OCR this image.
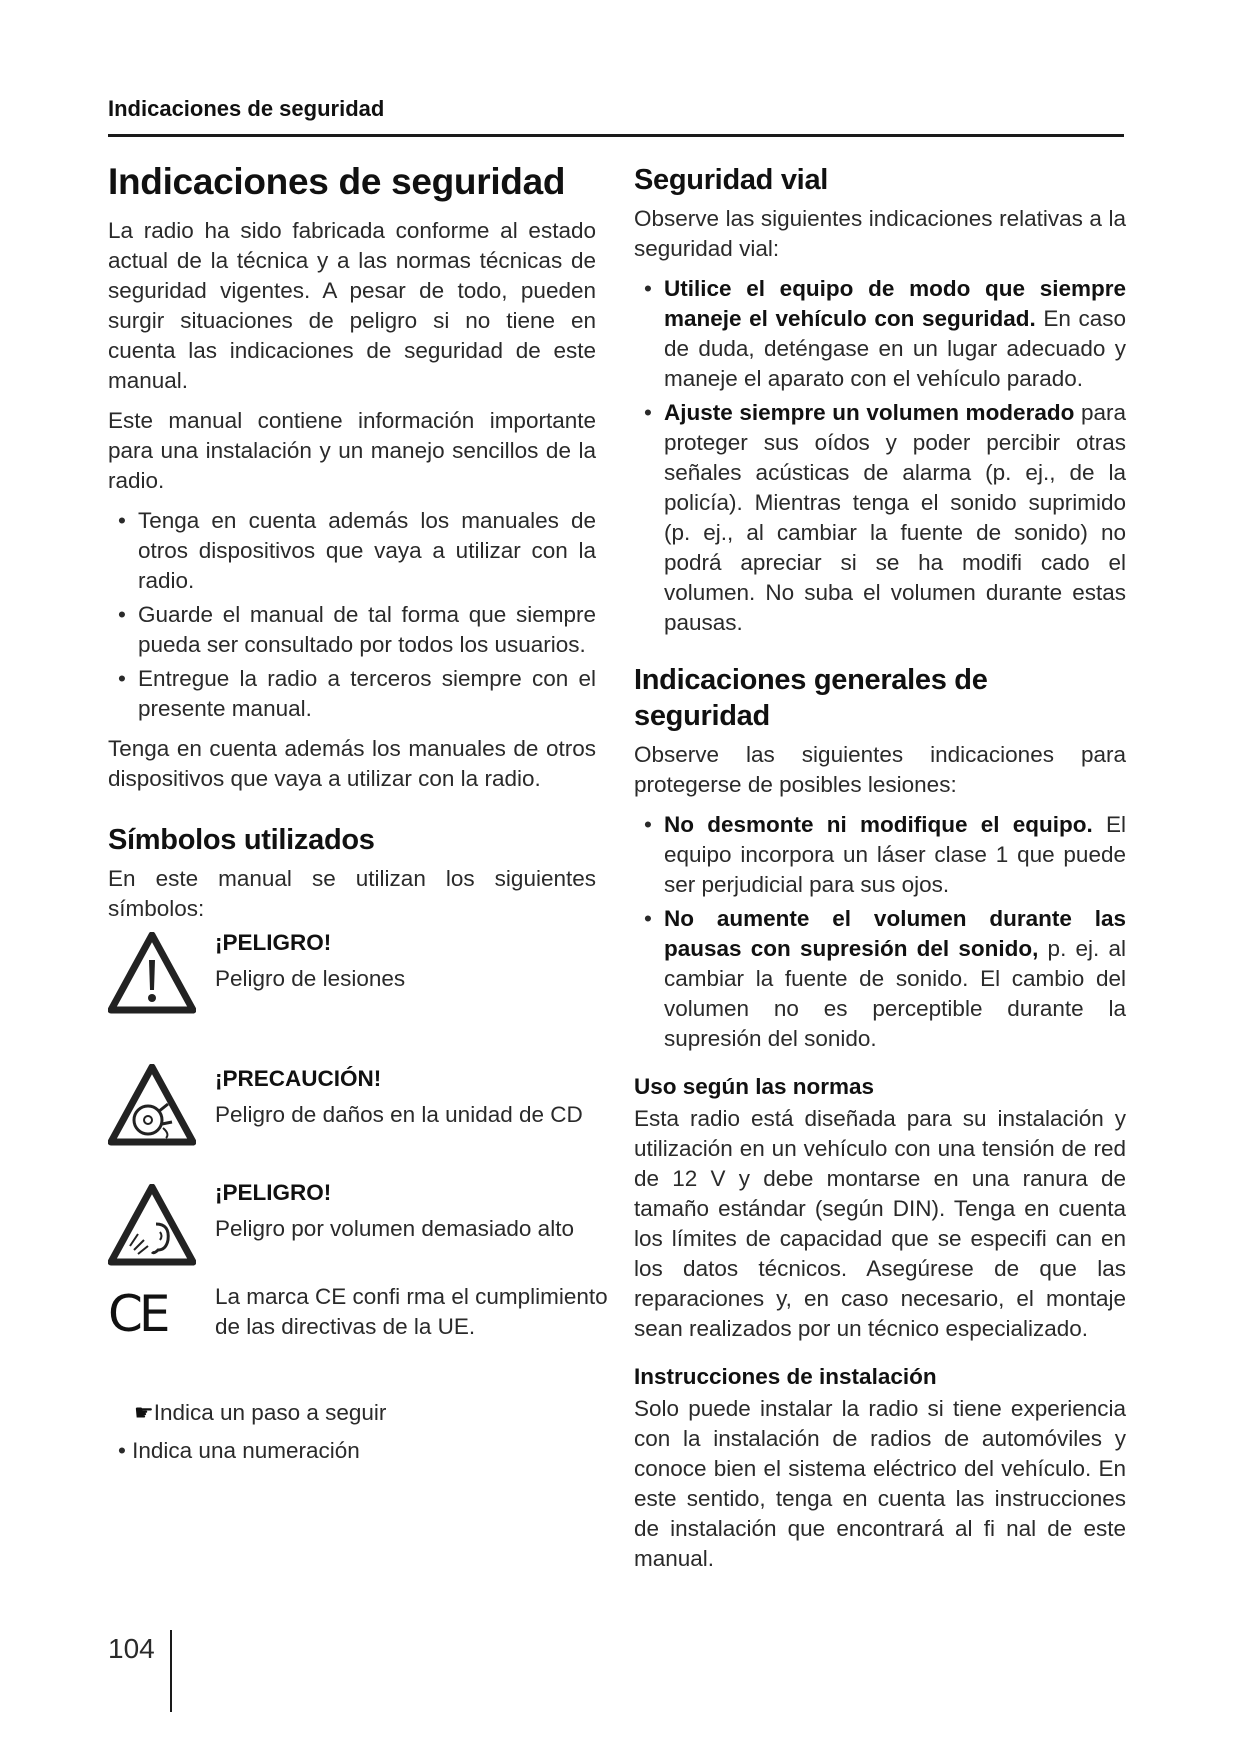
Indicaciones de seguridad
Indicaciones de seguridad

La radio ha sido fabricada conforme al estado actual de la técnica y a las normas técnicas de seguridad vigentes. A pesar de todo, pueden surgir situaciones de peligro si no tiene en cuenta las indicaciones de seguridad de este manual.

Este manual contiene información importante para una instalación y un manejo sencillos de la radio.

• Tenga en cuenta además los manuales de otros dispositivos que vaya a utilizar con la radio.
• Guarde el manual de tal forma que siempre pueda ser consultado por todos los usuarios.
• Entregue la radio a terceros siempre con el presente manual.

Tenga en cuenta además los manuales de otros dispositivos que vaya a utilizar con la radio.

Símbolos utilizados

En este manual se utilizan los siguientes símbolos:

¡PELIGRO!
Peligro de lesiones
¡PRECAUCIÓN!
Peligro de daños en la unidad de CD
¡PELIGRO!
Peligro por volumen demasiado alto
CE La marca CE confi rma el cumplimiento de las directivas de la UE.
☛Indica un paso a seguir
• Indica una numeración
Seguridad vial

Observe las siguientes indicaciones relativas a la seguridad vial:

• Utilice el equipo de modo que siempre maneje el vehículo con seguridad. En caso de duda, deténgase en un lugar adecuado y maneje el aparato con el vehículo parado.
• Ajuste siempre un volumen moderado para proteger sus oídos y poder percibir otras señales acústicas de alarma (p. ej., de la policía). Mientras tenga el sonido suprimido (p. ej., al cambiar la fuente de sonido) no podrá apreciar si se ha modifi cado el volumen. No suba el volumen durante estas pausas.
Indicaciones generales de seguridad

Observe las siguientes indicaciones para protegerse de posibles lesiones:

• No desmonte ni modifique el equipo. El equipo incorpora un láser clase 1 que puede ser perjudicial para sus ojos.
• No aumente el volumen durante las pausas con supresión del sonido, p. ej. al cambiar la fuente de sonido. El cambio del volumen no es perceptible durante la supresión del sonido.
Uso según las normas

Esta radio está diseñada para su instalación y utilización en un vehículo con una tensión de red de 12 V y debe montarse en una ranura de tamaño estándar (según DIN). Tenga en cuenta los límites de capacidad que se especifi can en los datos técnicos. Asegúrese de que las reparaciones y, en caso necesario, el montaje sean realizados por un técnico especializado.

Instrucciones de instalación

Solo puede instalar la radio si tiene experiencia con la instalación de radios de automóviles y conoce bien el sistema eléctrico del vehículo. En este sentido, tenga en cuenta las instrucciones de instalación que encontrará al fi nal de este manual.

104
